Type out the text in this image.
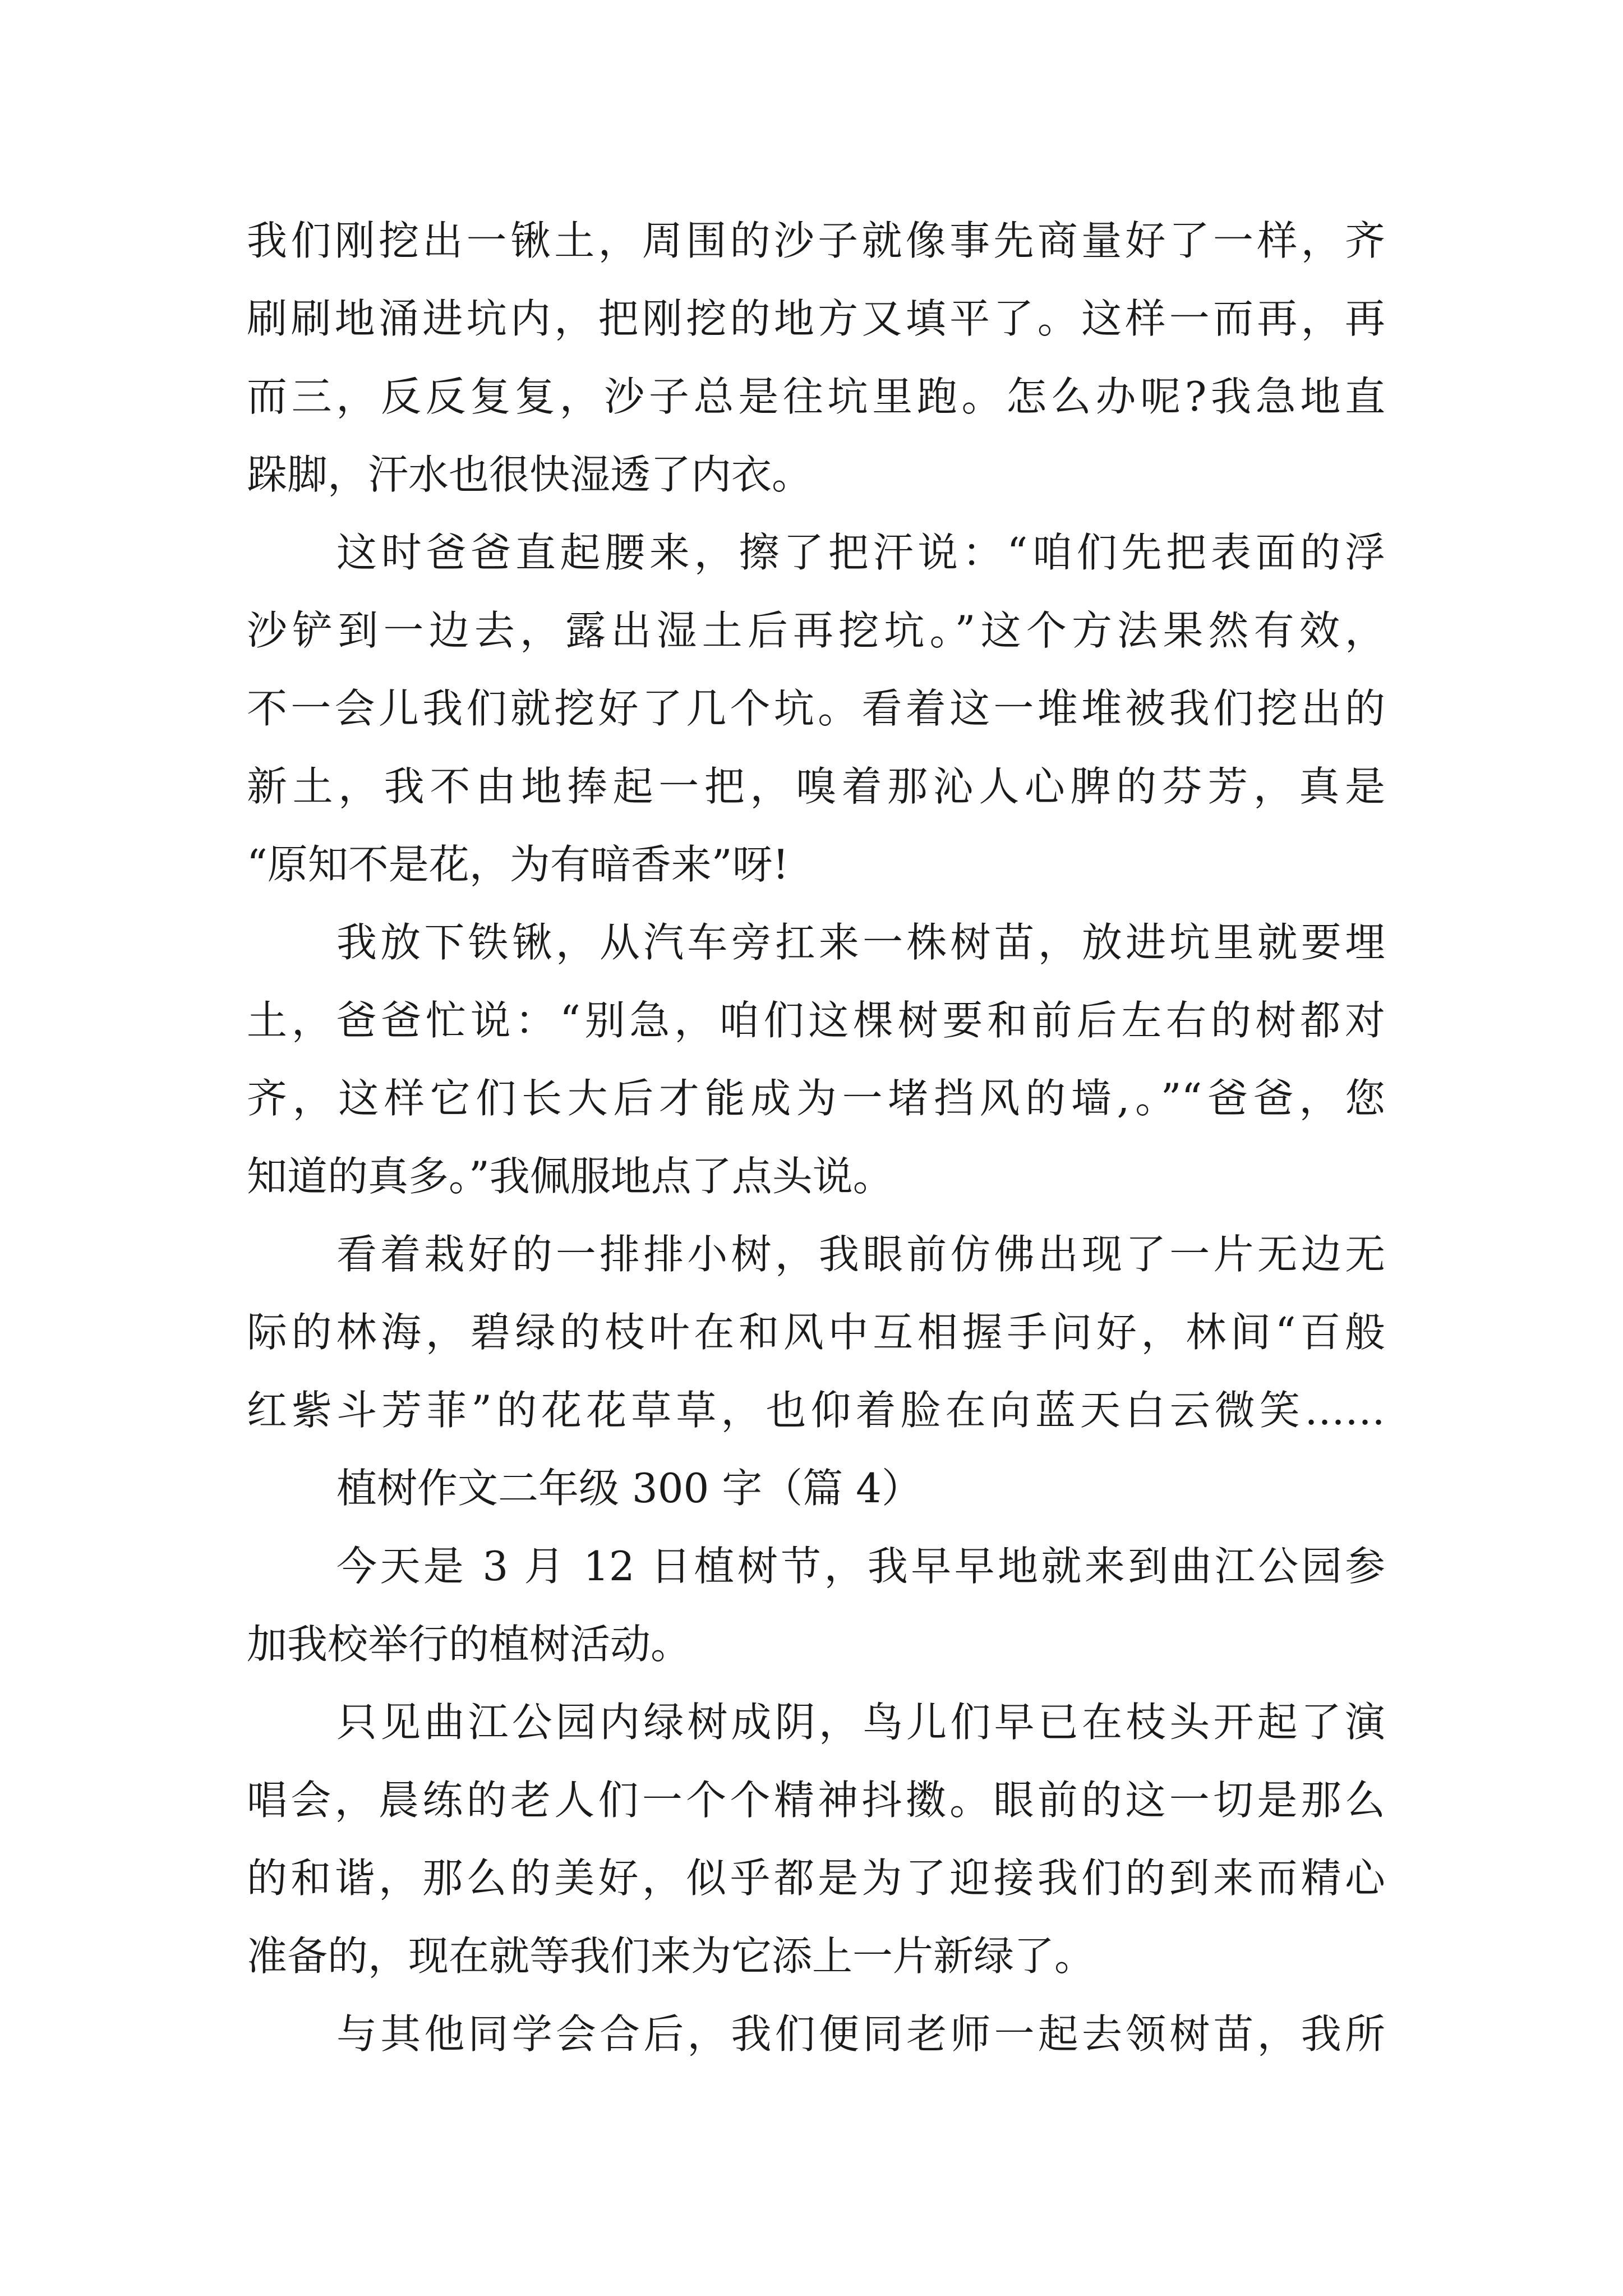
我们刚挖出一锹土，周围的沙子就像事先商量好了一样，齐
刷刷地涌进坑内，把刚挖的地方又填平了。这样一而再，再
而三，反反复复，沙子总是往坑里跑。怎么办呢?我急地直
跺脚，汗水也很快湿透了内衣。
这时爸爸直起腰来，擦了把汗说：“咱们先把表面的浮
沙铲到一边去，露出湿土后再挖坑。”这个方法果然有效，
不一会儿我们就挖好了几个坑。看着这一堆堆被我们挖出的
新土，我不由地捧起一把，嗅着那沁人心脾的芬芳，真是
“原知不是花，为有暗香来”呀!
我放下铁锹，从汽车旁扛来一株树苗，放进坑里就要埋
土，爸爸忙说：“别急，咱们这棵树要和前后左右的树都对
齐，这样它们长大后才能成为一堵挡风的墙,。”“爸爸，您
知道的真多。”我佩服地点了点头说。
看着栽好的一排排小树，我眼前仿佛出现了一片无边无
际的林海，碧绿的枝叶在和风中互相握手问好，林间“百般
红紫斗芳菲”的花花草草，也仰着脸在向蓝天白云微笑……
植树作文二年级 300 字（篇 4）
今天是 3 月 12 日植树节，我早早地就来到曲江公园参
加我校举行的植树活动。
只见曲江公园内绿树成阴，鸟儿们早已在枝头开起了演
唱会，晨练的老人们一个个精神抖擞。眼前的这一切是那么
的和谐，那么的美好，似乎都是为了迎接我们的到来而精心
准备的，现在就等我们来为它添上一片新绿了。
与其他同学会合后，我们便同老师一起去领树苗，我所
